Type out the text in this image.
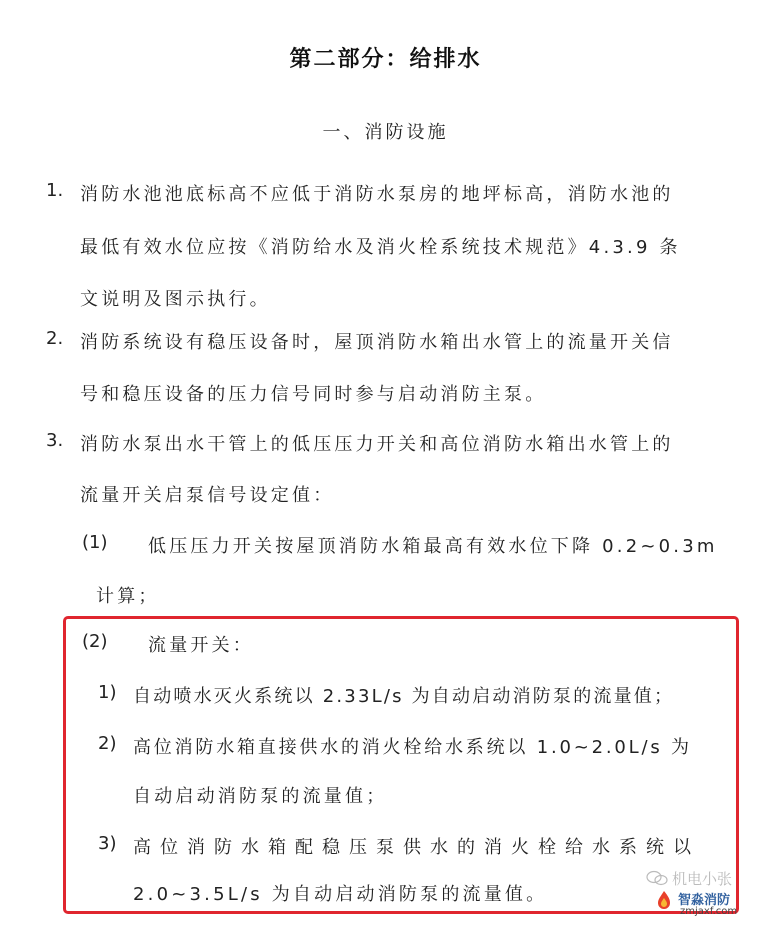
第二部分：给排水
一、消防设施
1. 消防水池池底标高不应低于消防水泵房的地坪标高，消防水池的
最低有效水位应按《消防给水及消火栓系统技术规范》4.3.9 条
文说明及图示执行。
2. 消防系统设有稳压设备时，屋顶消防水箱出水管上的流量开关信
号和稳压设备的压力信号同时参与启动消防主泵。
3. 消防水泵出水干管上的低压压力开关和高位消防水箱出水管上的
流量开关启泵信号设定值：
(1) 低压压力开关按屋顶消防水箱最高有效水位下降 0.2~0.3m
计算；
(2) 流量开关：
1) 自动喷水灭火系统以 2.33L/s 为自动启动消防泵的流量值；
2) 高位消防水箱直接供水的消火栓给水系统以 1.0~2.0L/s 为
自动启动消防泵的流量值；
3) 高位消防水箱配稳压泵供水的消火栓给水系统以
2.0~3.5L/s 为自动启动消防泵的流量值。
机电小张
智淼消防
zmjaxf.com
